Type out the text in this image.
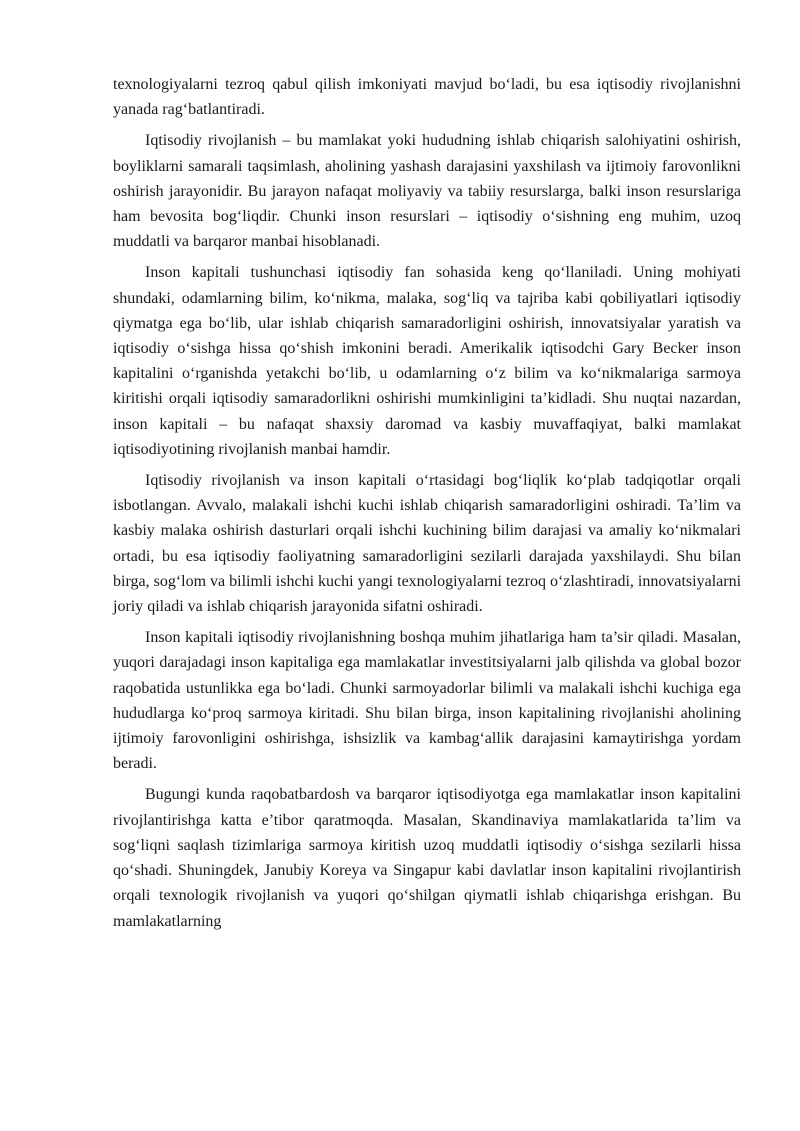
texnologiyalarni tezroq qabul qilish imkoniyati mavjud bo‘ladi, bu esa iqtisodiy rivojlanishni yanada rag‘batlantiradi.

Iqtisodiy rivojlanish – bu mamlakat yoki hududning ishlab chiqarish salohiyatini oshirish, boyliklarni samarali taqsimlash, aholining yashash darajasini yaxshilash va ijtimoiy farovonlikni oshirish jarayonidir. Bu jarayon nafaqat moliyaviy va tabiiy resurslarga, balki inson resurslariga ham bevosita bog‘liqdir. Chunki inson resurslari – iqtisodiy o‘sishning eng muhim, uzoq muddatli va barqaror manbai hisoblanadi.

Inson kapitali tushunchasi iqtisodiy fan sohasida keng qo‘llaniladi. Uning mohiyati shundaki, odamlarning bilim, ko‘nikma, malaka, sog‘liq va tajriba kabi qobiliyatlari iqtisodiy qiymatga ega bo‘lib, ular ishlab chiqarish samaradorligini oshirish, innovatsiyalar yaratish va iqtisodiy o‘sishga hissa qo‘shish imkonini beradi. Amerikalik iqtisodchi Gary Becker inson kapitalini o‘rganishda yetakchi bo‘lib, u odamlarning o‘z bilim va ko‘nikmalariga sarmoya kiritishi orqali iqtisodiy samaradorlikni oshirishi mumkinligini ta’kidladi. Shu nuqtai nazardan, inson kapitali – bu nafaqat shaxsiy daromad va kasbiy muvaffaqiyat, balki mamlakat iqtisodiyotining rivojlanish manbai hamdir.

Iqtisodiy rivojlanish va inson kapitali o‘rtasidagi bog‘liqlik ko‘plab tadqiqotlar orqali isbotlangan. Avvalo, malakali ishchi kuchi ishlab chiqarish samaradorligini oshiradi. Ta’lim va kasbiy malaka oshirish dasturlari orqali ishchi kuchining bilim darajasi va amaliy ko‘nikmalari ortadi, bu esa iqtisodiy faoliyatning samaradorligini sezilarli darajada yaxshilaydi. Shu bilan birga, sog‘lom va bilimli ishchi kuchi yangi texnologiyalarni tezroq o‘zlashtiradi, innovatsiyalarni joriy qiladi va ishlab chiqarish jarayonida sifatni oshiradi.

Inson kapitali iqtisodiy rivojlanishning boshqa muhim jihatlariga ham ta’sir qiladi. Masalan, yuqori darajadagi inson kapitaliga ega mamlakatlar investitsiyalarni jalb qilishda va global bozor raqobatida ustunlikka ega bo‘ladi. Chunki sarmoyadorlar bilimli va malakali ishchi kuchiga ega hududlarga ko‘proq sarmoya kiritadi. Shu bilan birga, inson kapitalining rivojlanishi aholining ijtimoiy farovonligini oshirishga, ishsizlik va kambag‘allik darajasini kamaytirishga yordam beradi.

Bugungi kunda raqobatbardosh va barqaror iqtisodiyotga ega mamlakatlar inson kapitalini rivojlantirishga katta e’tibor qaratmoqda. Masalan, Skandinaviya mamlakatlarida ta’lim va sog‘liqni saqlash tizimlariga sarmoya kiritish uzoq muddatli iqtisodiy o‘sishga sezilarli hissa qo‘shadi. Shuningdek, Janubiy Koreya va Singapur kabi davlatlar inson kapitalini rivojlantirish orqali texnologik rivojlanish va yuqori qo‘shilgan qiymatli ishlab chiqarishga erishgan. Bu mamlakatlarning
